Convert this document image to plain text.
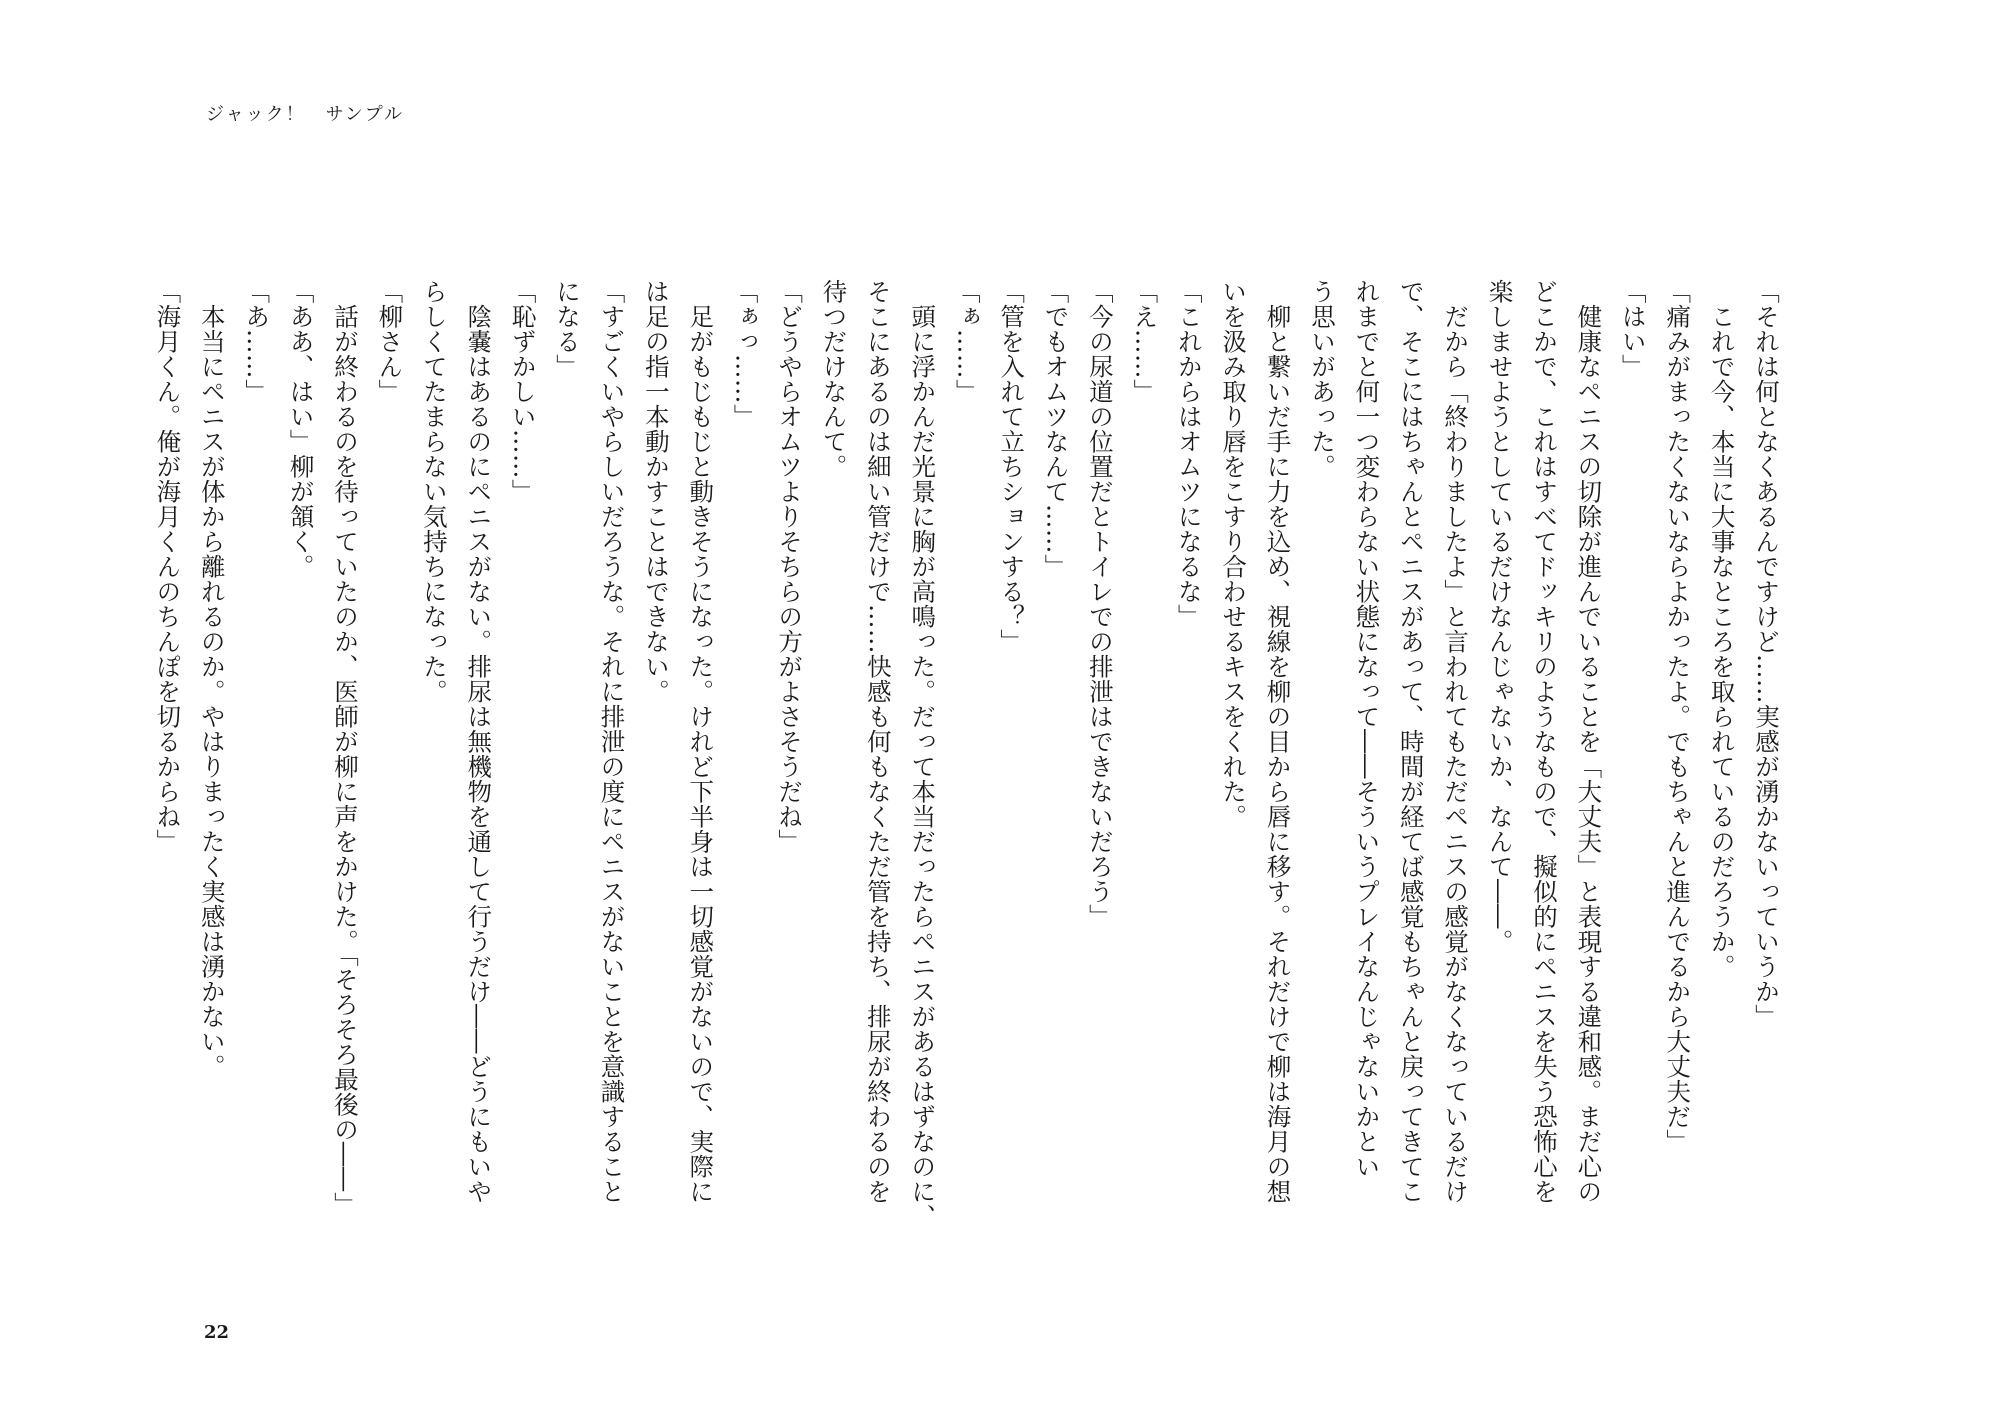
ジャック！　サンプル

「それは何となくあるんですけど……実感が湧かないっていうか」

　これで今、本当に大事なところを取られているのだろうか。

「痛みがまったくないならよかったよ。でもちゃんと進んでるから大丈夫だ」

「はい」

　健康なペニスの切除が進んでいることを「大丈夫」と表現する違和感。まだ心の

どこかで、これはすべてドッキリのようなもので、擬似的にペニスを失う恐怖心を

楽しませようとしているだけなんじゃないか、なんて――。

　だから「終わりましたよ」と言われてもただペニスの感覚がなくなっているだけ

で、そこにはちゃんとペニスがあって、時間が経てば感覚もちゃんと戻ってきてこ

れまでと何一つ変わらない状態になって――そういうプレイなんじゃないかとい

う思いがあった。

　柳と繋いだ手に力を込め、視線を柳の目から唇に移す。それだけで柳は海月の想

いを汲み取り唇をこすり合わせるキスをくれた。

「これからはオムツになるな」

「え……」

「今の尿道の位置だとトイレでの排泄はできないだろう」

「でもオムツなんて……」

「管を入れて立ちションする？」

「ぁ……」

　頭に浮かんだ光景に胸が高鳴った。だって本当だったらペニスがあるはずなのに、

そこにあるのは細い管だけで……快感も何もなくただ管を持ち、排尿が終わるのを

待つだけなんて。

「どうやらオムツよりそちらの方がよさそうだね」

「ぁっ……」

　足がもじもじと動きそうになった。けれど下半身は一切感覚がないので、実際に

は足の指一本動かすことはできない。

「すごくいやらしいだろうな。それに排泄の度にペニスがないことを意識すること

になる」

「恥ずかしい……」

　陰嚢はあるのにペニスがない。排尿は無機物を通して行うだけ――どうにもいや

らしくてたまらない気持ちになった。

「柳さん」

　話が終わるのを待っていたのか、医師が柳に声をかけた。「そろそろ最後の――」

「ああ、はい」柳が頷く。

「あ……」

　本当にペニスが体から離れるのか。やはりまったく実感は湧かない。

「海月くん。俺が海月くんのちんぽを切るからね」

22
